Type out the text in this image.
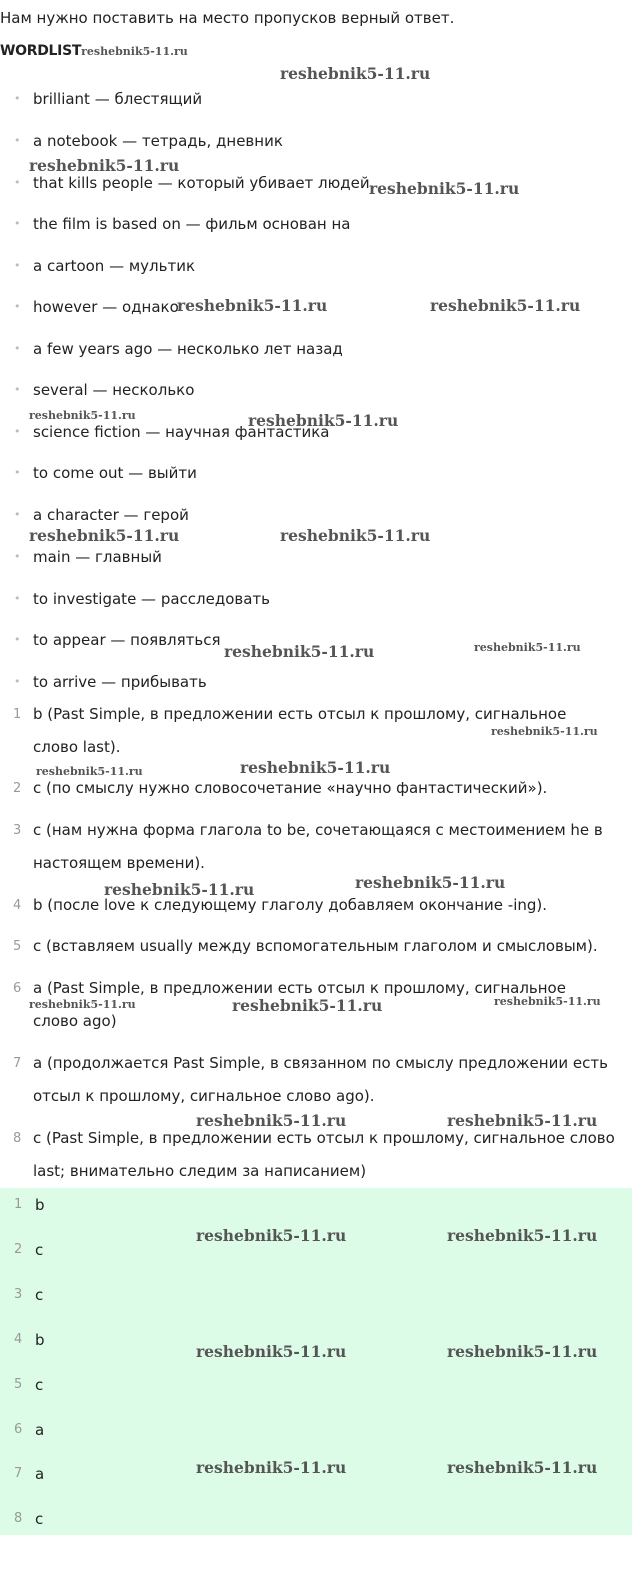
Нам нужно поставить на место пропусков верный ответ.
WORDLISTreshebnik5-11.ru
• brilliant — блестящий
• a notebook — тетрадь, дневник
• that kills people — который убивает людей
• the film is based on — фильм основан на
• a cartoon — мультик
• however — однако
• a few years ago — несколько лет назад
• several — несколько
• science fiction — научная фантастика
• to come out — выйти
• a character — герой
• main — главный
• to investigate — расследовать
• to appear — появляться
• to arrive — прибывать
1 b (Past Simple, в предложении есть отсыл к прошлому, сигнальное слово last).
2 c (по смыслу нужно словосочетание «научно фантастический»).
3 c (нам нужна форма глагола to be, сочетающаяся с местоимением he в настоящем времени).
4 b (после love к следующему глаголу добавляем окончание -ing).
5 c (вставляем usually между вспомогательным глаголом и смысловым).
6 a (Past Simple, в предложении есть отсыл к прошлому, сигнальное слово ago)
7 a (продолжается Past Simple, в связанном по смыслу предложении есть отсыл к прошлому, сигнальное слово ago).
8 c (Past Simple, в предложении есть отсыл к прошлому, сигнальное слово last; внимательно следим за написанием)
1 b
2 c
3 c
4 b
5 c
6 a
7 a
8 c
reshebnik5-11.ru
reshebnik5-11.ru
reshebnik5-11.ru
reshebnik5-11.ru	reshebnik5-11.ru
reshebnik5-11.ru	reshebnik5-11.ru
reshebnik5-11.ru	reshebnik5-11.ru
reshebnik5-11.ru	reshebnik5-11.ru
reshebnik5-11.ru
reshebnik5-11.ru	reshebnik5-11.ru
reshebnik5-11.ru	reshebnik5-11.ru
reshebnik5-11.ru	reshebnik5-11.ru	reshebnik5-11.ru
reshebnik5-11.ru	reshebnik5-11.ru
reshebnik5-11.ru	reshebnik5-11.ru
reshebnik5-11.ru	reshebnik5-11.ru
reshebnik5-11.ru	reshebnik5-11.ru
